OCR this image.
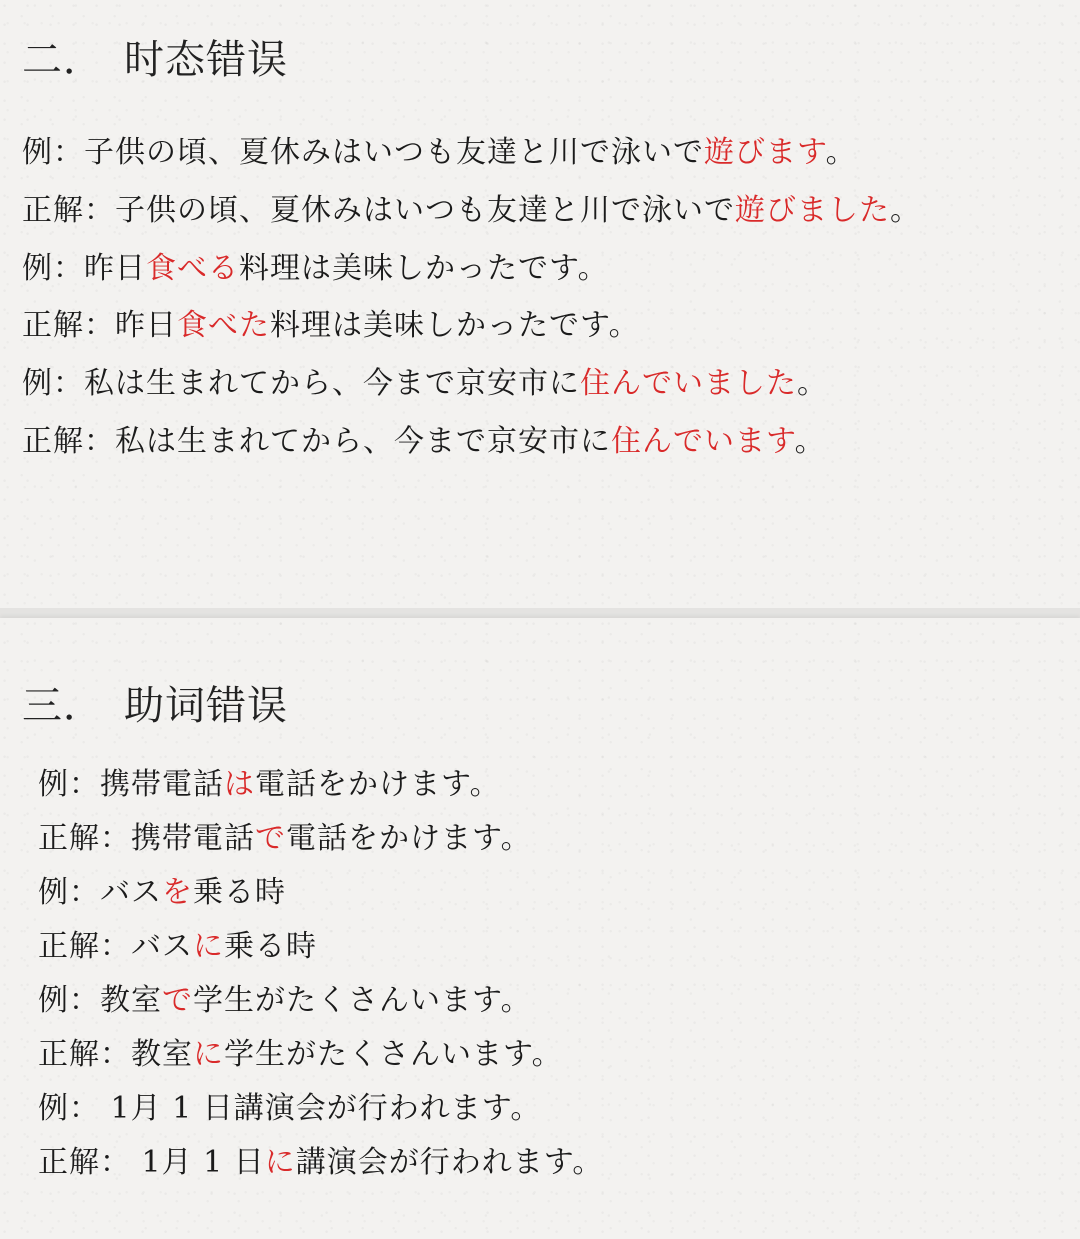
二． 时态错误
例：子供の頃、夏休みはいつも友達と川で泳いで遊びます。
正解：子供の頃、夏休みはいつも友達と川で泳いで遊びました。
例：昨日食べる料理は美味しかったです。
正解：昨日食べた料理は美味しかったです。
例：私は生まれてから、今まで京安市に住んでいました。
正解：私は生まれてから、今まで京安市に住んでいます。
三． 助词错误
例：携帯電話は電話をかけます。
正解：携帯電話で電話をかけます。
例：バスを乗る時
正解：バスに乗る時
例：教室で学生がたくさんいます。
正解：教室に学生がたくさんいます。
例： 1月 1 日講演会が行われます。
正解： 1月 1 日に講演会が行われます。
